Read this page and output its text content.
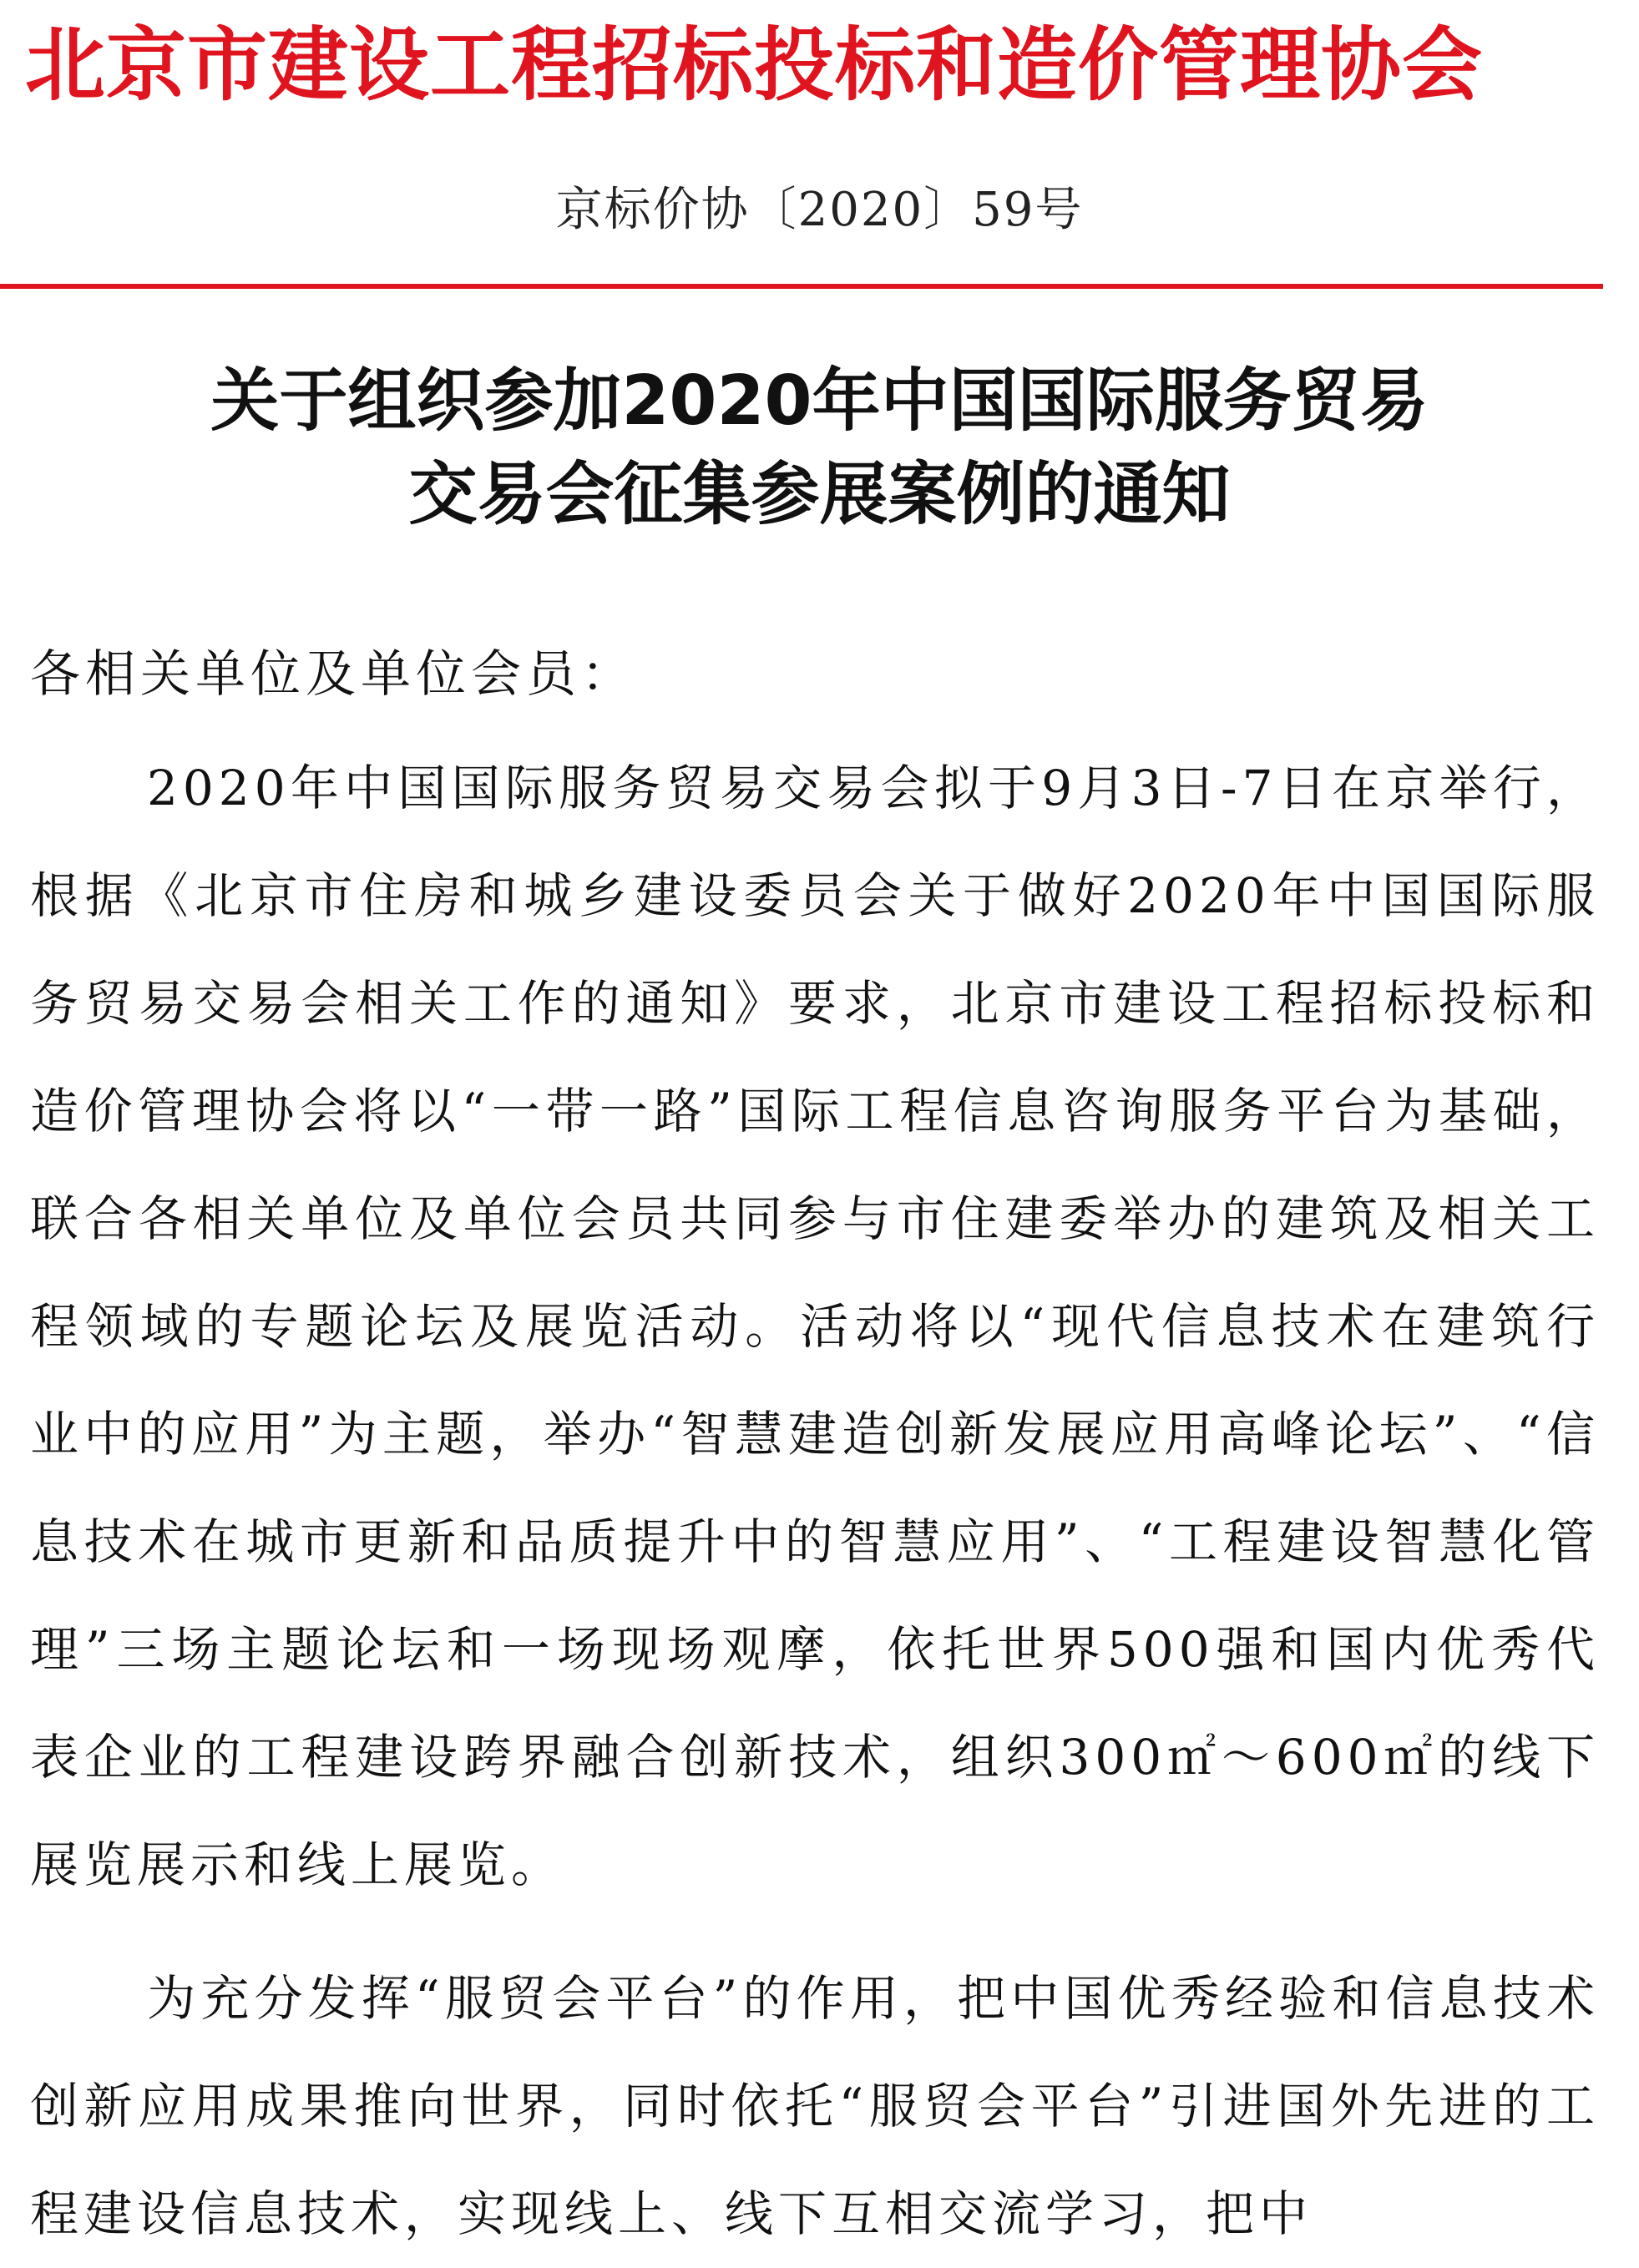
北京市建设工程招标投标和造价管理协会
京标价协〔2020〕59号
关于组织参加2020年中国国际服务贸易
交易会征集参展案例的通知
各相关单位及单位会员：

2020年中国国际服务贸易交易会拟于9月3日-7日在京举行，根据《北京市住房和城乡建设委员会关于做好2020年中国国际服务贸易交易会相关工作的通知》要求，北京市建设工程招标投标和造价管理协会将以“一带一路”国际工程信息咨询服务平台为基础，联合各相关单位及单位会员共同参与市住建委举办的建筑及相关工程领域的专题论坛及展览活动。活动将以“现代信息技术在建筑行业中的应用”为主题，举办“智慧建造创新发展应用高峰论坛”、“信息技术在城市更新和品质提升中的智慧应用”、“工程建设智慧化管理”三场主题论坛和一场现场观摩，依托世界500强和国内优秀代表企业的工程建设跨界融合创新技术，组织300㎡～600㎡的线下展览展示和线上展览。

为充分发挥“服贸会平台”的作用，把中国优秀经验和信息技术创新应用成果推向世界，同时依托“服贸会平台”引进国外先进的工程建设信息技术，实现线上、线下互相交流学习，把中
